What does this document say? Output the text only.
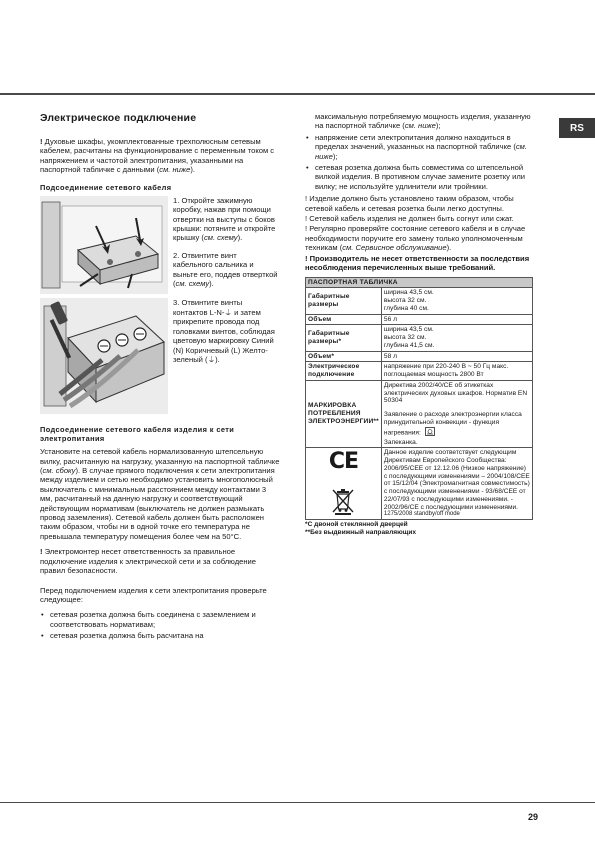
RS
Электрическое подключение

! Духовые шкафы, укомплектованные трехполюсным сетевым кабелем, расчитаны на функционирование с переменным током с напряжением и частотой электропитания, указанными на паспортной табличке с данными (см. ниже).

Подсоединение сетевого кабеля

1. Откройте зажимную коробку, нажав при помощи отвертки на выступы с боков крышки: потяните и откройте крышку (см. схему).

2. Отвинтите винт кабельного сальника и выньте его, поддев отверткой (см. схему).

3. Отвинтите винты контактов L-N-⏚ и затем прикрепите провода под головками винтов, соблюдая цветовую маркировку Синий (N) Коричневый (L) Желто-зеленый (⏚).

Подсоединение сетевого кабеля изделия к сети электропитания

Установите на сетевой кабель нормализованную штепсельную вилку, расчитанную на нагрузку, указанную на паспортной табличке (см. сбоку). В случае прямого подключения к сети электропитания между изделием и сетью необходимо установить многополюсный выключатель с минимальным расстоянием между контактами 3 мм, расчитанный на данную нагрузку и соответствующий действующим нормативам (выключатель не должен размыкать провод заземления). Сетевой кабель должен быть расположен таким образом, чтобы ни в одной точке его температура не превышала температуру помещения более чем на 50°C.

! Электромонтер несет ответственность за правильное подключение изделия к электрической сети и за соблюдение правил безопасности.

Перед подключением изделия к сети электропитания проверьте следующее:

• сетевая розетка должна быть соединена с заземлением и соответствовать нормативам;
• сетевая розетка должна быть расчитана на

максимальную потребляемую мощность изделия, указанную на паспортной табличке (см. ниже);

• напряжение сети электропитания должно находиться в пределах значений, указанных на паспортной табличке (см. ниже);
• сетевая розетка должна быть совместима со штепсельной вилкой изделия. В противном случае замените розетку или вилку; не используйте удлинители или тройники.

! Изделие должно быть установлено таким образом, чтобы сетевой кабель и сетевая розетка были легко доступны.

! Сетевой кабель изделия не должен быть согнут или сжат.

! Регулярно проверяйте состояние сетевого кабеля и в случае необходимости поручите его замену только уполномоченным техникам (см. Сервисное обслуживание).

! Производитель не несет ответственности за последствия несоблюдения перечисленных выше требований.

ПАСПОРТНАЯ ТАБЛИЧКА	
Габаритные размеры	ширина 43,5 см.
высота 32 см.
глубина 40 см.

Объем	56 л
Габаритные размеры*	ширина 43,5 см.
высота 32 см.
глубина 41,5 см.

Объем*	58 л
Электрическое подключение	напряжение при 220-240 В ~ 50 Гц макс. поглощаемая мощность 2800 Вт
МАРКИРОВКА ПОТРЕБЛЕНИЯ ЭЛЕКТРОЭНЕРГИИ**	Директива 2002/40/CE об этикетках электрических духовых шкафов. Норматив EN 50304
Заявление о расходе электроэнергии класса принудительной конвекции - функция нагревания:
Запеканка.

CE	Данное изделие соответствует следующим Директивам Европейского Сообщества: 2006/95/CEE от 12.12.06 (Низкое напряжение) с последующими изменениями – 2004/108/CEE от 15/12/04 (Электромагнитная совместимость) с последующими изменениями - 93/68/CEE от 22/07/93 с последующими изменениями. - 2002/96/CE с последующими изменениями.
1275/2008 standby/off mode
*С двоной стеклянной дверцей
**Без выдвижный направляющих
29
